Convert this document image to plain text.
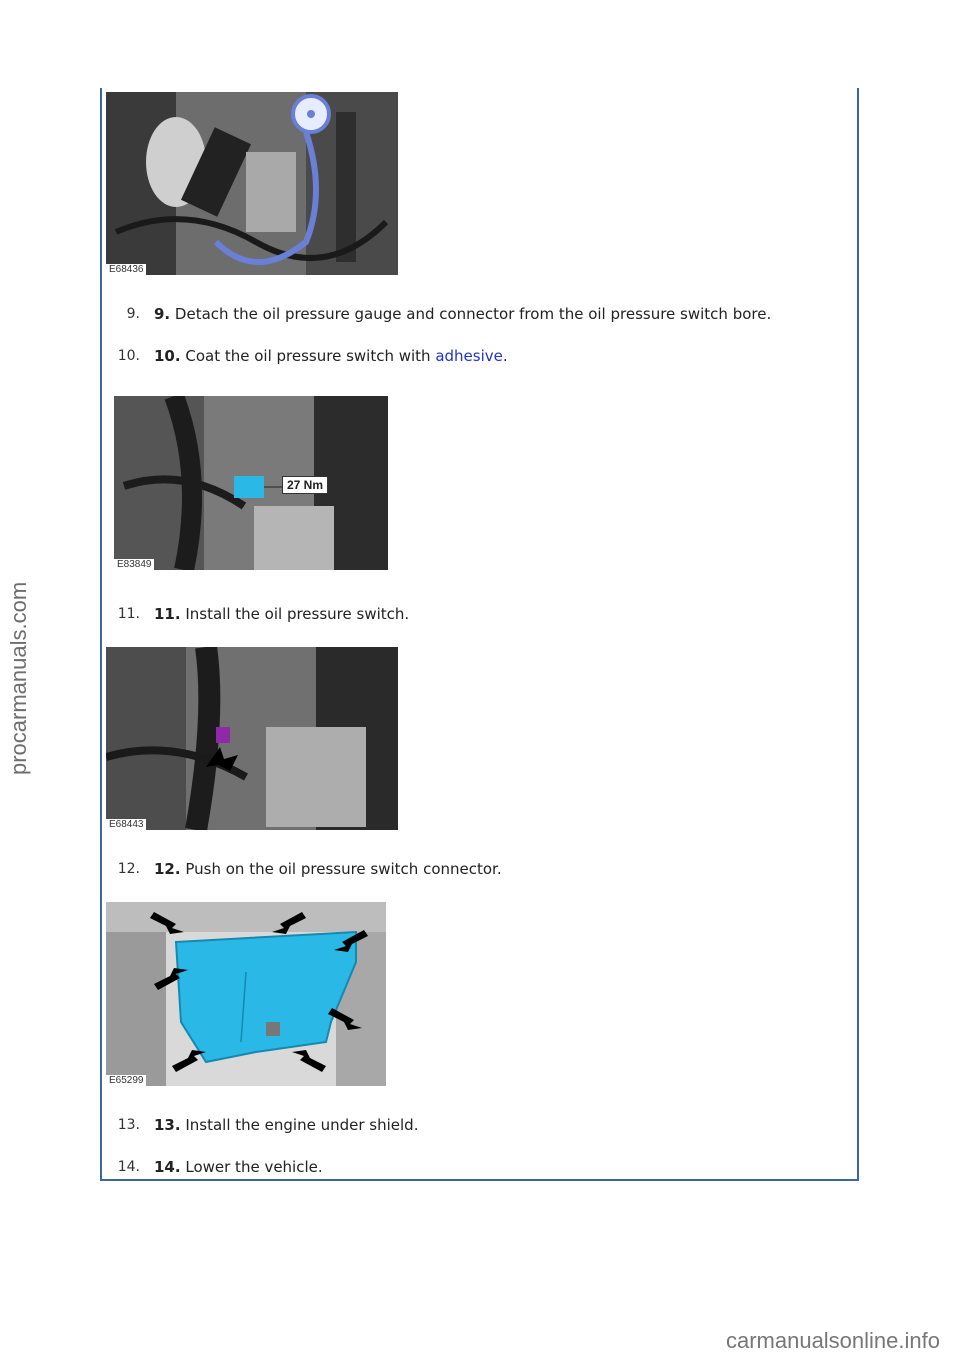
E68436
9. 9. Detach the oil pressure gauge and connector from the oil pressure switch bore.
10. 10. Coat the oil pressure switch with adhesive.
27 Nm
E83849
11. 11. Install the oil pressure switch.
E68443
12. 12. Push on the oil pressure switch connector.
E65299
13. 13. Install the engine under shield.
14. 14. Lower the vehicle.
procarmanuals.com
carmanualsonline.info
